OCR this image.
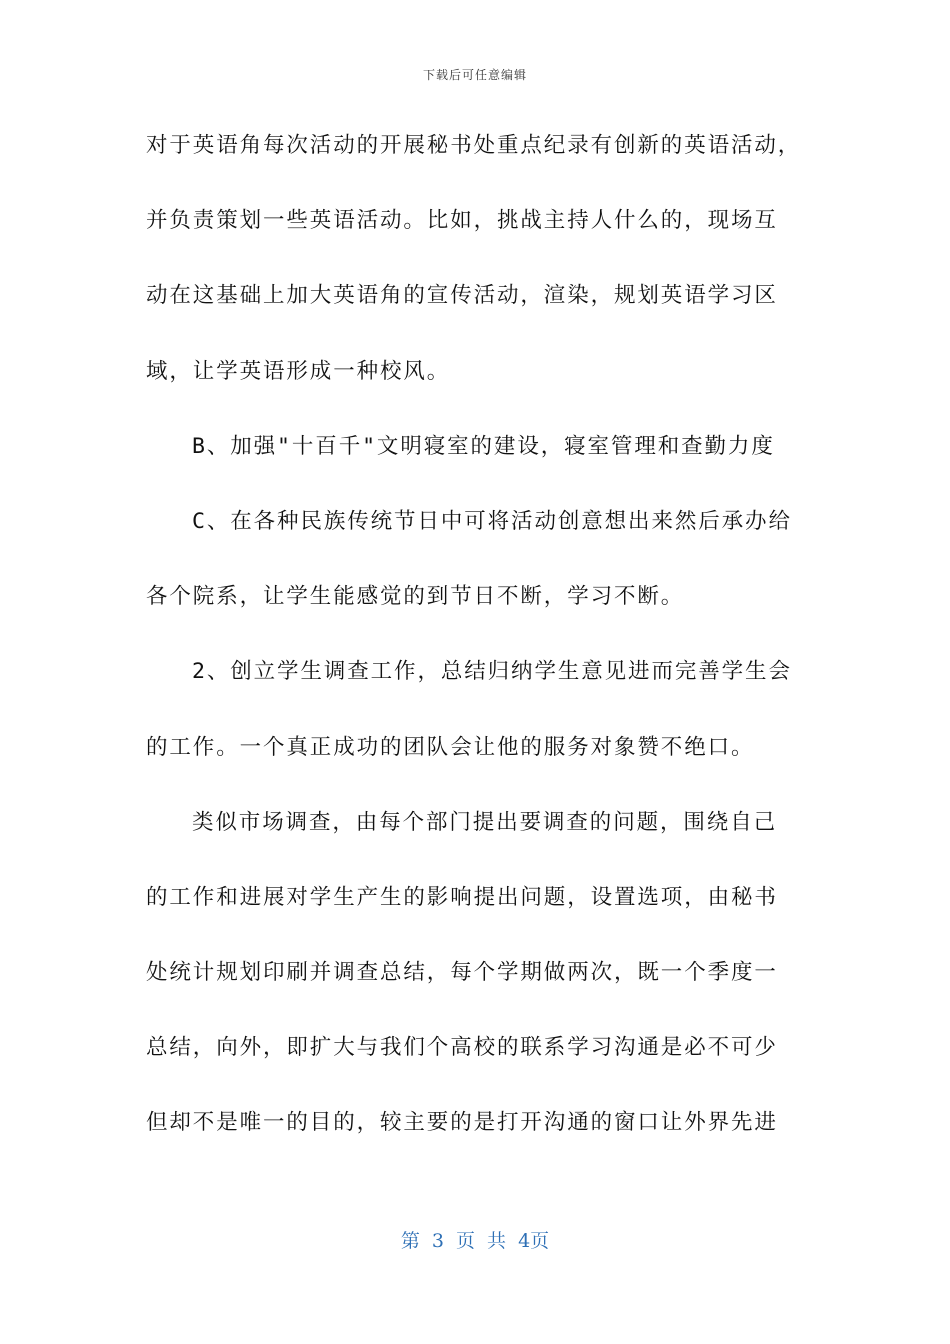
下载后可任意编辑
对于英语角每次活动的开展秘书处重点纪录有创新的英语活动，
并负责策划一些英语活动。比如，挑战主持人什么的，现场互
动在这基础上加大英语角的宣传活动，渲染，规划英语学习区
域，让学英语形成一种校风。
B、加强"十百千"文明寝室的建设，寝室管理和查勤力度
C、在各种民族传统节日中可将活动创意想出来然后承办给
各个院系，让学生能感觉的到节日不断，学习不断。
2、创立学生调查工作，总结归纳学生意见进而完善学生会
的工作。一个真正成功的团队会让他的服务对象赞不绝口。
类似市场调查，由每个部门提出要调查的问题，围绕自己
的工作和进展对学生产生的影响提出问题，设置选项，由秘书
处统计规划印刷并调查总结，每个学期做两次，既一个季度一
总结，向外，即扩大与我们个高校的联系学习沟通是必不可少
但却不是唯一的目的，较主要的是打开沟通的窗口让外界先进
第 3 页 共 4页
